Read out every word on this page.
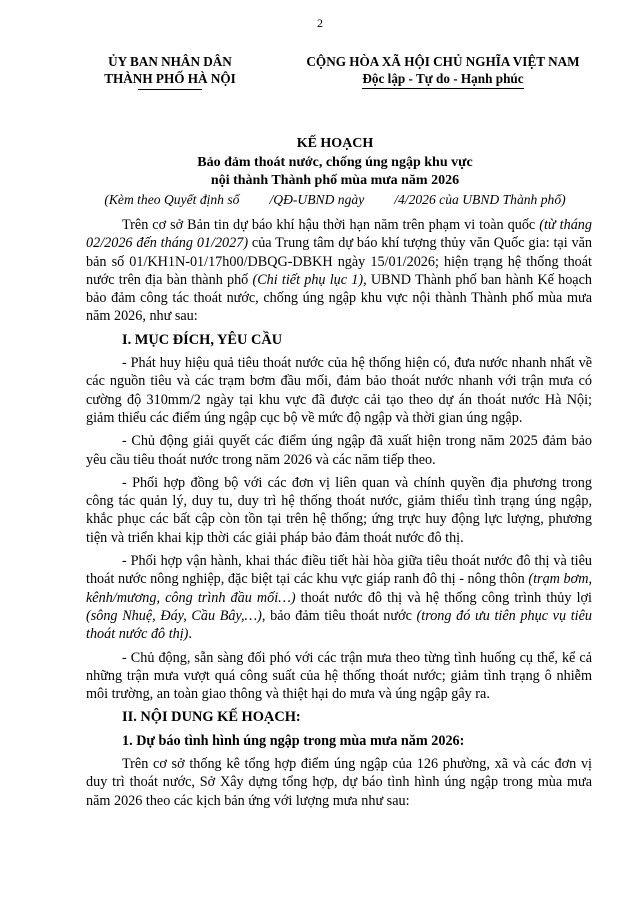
2
ỦY BAN NHÂN DÂN
THÀNH PHỐ HÀ NỘI
CỘNG HÒA XÃ HỘI CHỦ NGHĨA VIỆT NAM
Độc lập - Tự do - Hạnh phúc
KẾ HOẠCH
Bảo đảm thoát nước, chống úng ngập khu vực
nội thành Thành phố mùa mưa năm 2026
(Kèm theo Quyết định số /QĐ-UBND ngày /4/2026 của UBND Thành phố)

Trên cơ sở Bản tin dự báo khí hậu thời hạn năm trên phạm vi toàn quốc (từ tháng 02/2026 đến tháng 01/2027) của Trung tâm dự báo khí tượng thủy văn Quốc gia: tại văn bản số 01/KH1N-01/17h00/DBQG-DBKH ngày 15/01/2026; hiện trạng hệ thống thoát nước trên địa bàn thành phố (Chi tiết phụ lục 1), UBND Thành phố ban hành Kế hoạch bảo đảm công tác thoát nước, chống úng ngập khu vực nội thành Thành phố mùa mưa năm 2026, như sau:

I. MỤC ĐÍCH, YÊU CẦU

- Phát huy hiệu quả tiêu thoát nước của hệ thống hiện có, đưa nước nhanh nhất về các nguồn tiêu và các trạm bơm đầu mối, đảm bảo thoát nước nhanh với trận mưa có cường độ 310mm/2 ngày tại khu vực đã được cải tạo theo dự án thoát nước Hà Nội; giảm thiểu các điểm úng ngập cục bộ về mức độ ngập và thời gian úng ngập.

- Chủ động giải quyết các điểm úng ngập đã xuất hiện trong năm 2025 đảm bảo yêu cầu tiêu thoát nước trong năm 2026 và các năm tiếp theo.

- Phối hợp đồng bộ với các đơn vị liên quan và chính quyền địa phương trong công tác quản lý, duy tu, duy trì hệ thống thoát nước, giảm thiểu tình trạng úng ngập, khắc phục các bất cập còn tồn tại trên hệ thống; ứng trực huy động lực lượng, phương tiện và triển khai kịp thời các giải pháp bảo đảm thoát nước đô thị.

- Phối hợp vận hành, khai thác điều tiết hài hòa giữa tiêu thoát nước đô thị và tiêu thoát nước nông nghiệp, đặc biệt tại các khu vực giáp ranh đô thị - nông thôn (trạm bơm, kênh/mương, công trình đầu mối…) thoát nước đô thị và hệ thống công trình thủy lợi (sông Nhuệ, Đáy, Cầu Bây,…), bảo đảm tiêu thoát nước (trong đó ưu tiên phục vụ tiêu thoát nước đô thị).

- Chủ động, sẵn sàng đối phó với các trận mưa theo từng tình huống cụ thể, kể cả những trận mưa vượt quá công suất của hệ thống thoát nước; giảm tình trạng ô nhiễm môi trường, an toàn giao thông và thiệt hại do mưa và úng ngập gây ra.

II. NỘI DUNG KẾ HOẠCH:
1. Dự báo tình hình úng ngập trong mùa mưa năm 2026:

Trên cơ sở thống kê tổng hợp điểm úng ngập của 126 phường, xã và các đơn vị duy trì thoát nước, Sở Xây dựng tổng hợp, dự báo tình hình úng ngập trong mùa mưa năm 2026 theo các kịch bản ứng với lượng mưa như sau:
